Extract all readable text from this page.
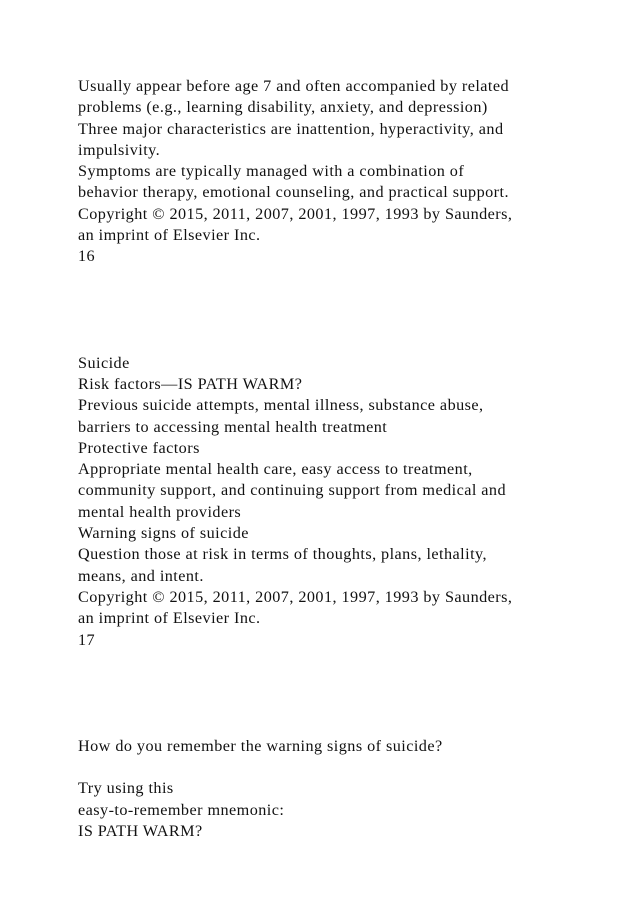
Usually appear before age 7 and often accompanied by related
problems (e.g., learning disability, anxiety, and depression)
Three major characteristics are inattention, hyperactivity, and
impulsivity.
Symptoms are typically managed with a combination of
behavior therapy, emotional counseling, and practical support.
Copyright © 2015, 2011, 2007, 2001, 1997, 1993 by Saunders,
an imprint of Elsevier Inc.
16
Suicide
Risk factors—IS PATH WARM?
Previous suicide attempts, mental illness, substance abuse,
barriers to accessing mental health treatment
Protective factors
Appropriate mental health care, easy access to treatment,
community support, and continuing support from medical and
mental health providers
Warning signs of suicide
Question those at risk in terms of thoughts, plans, lethality,
means, and intent.
Copyright © 2015, 2011, 2007, 2001, 1997, 1993 by Saunders,
an imprint of Elsevier Inc.
17
How do you remember the warning signs of suicide?
Try using this
easy-to-remember mnemonic:
IS PATH WARM?
